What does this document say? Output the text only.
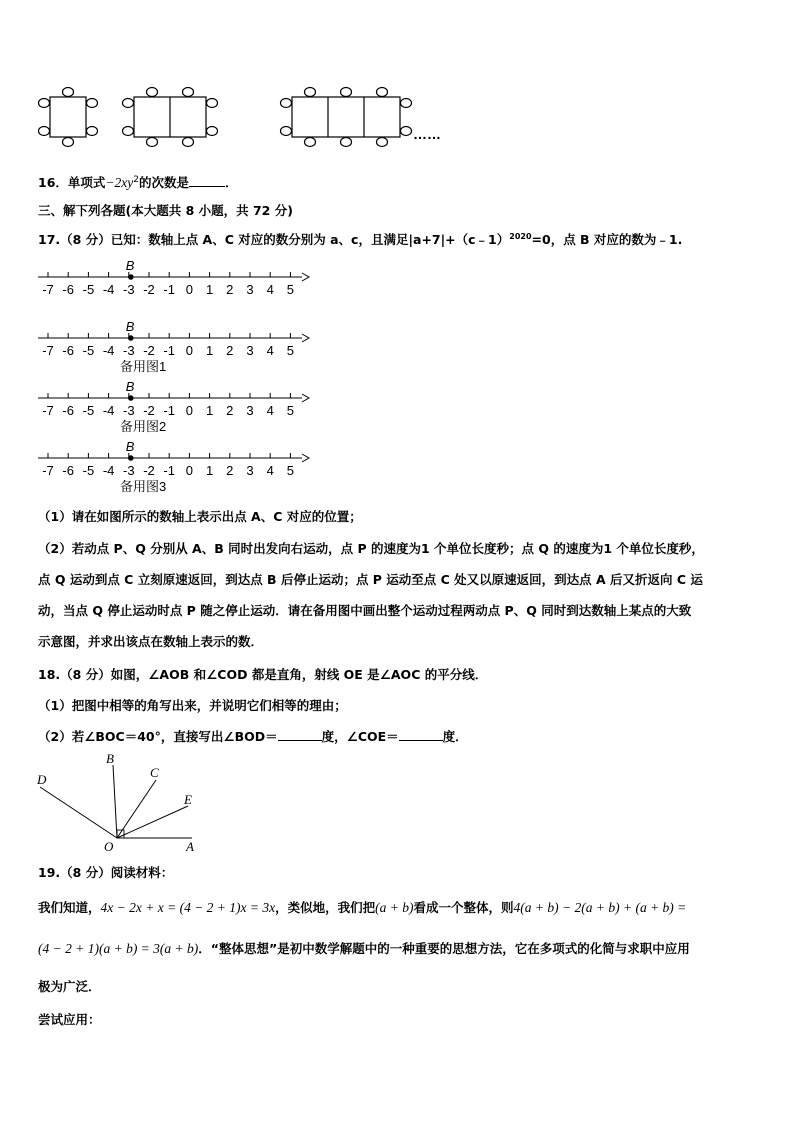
……
16．单项式$-2xy^2$的次数是	．
三、解下列各题(本大题共 8 小题，共 72 分)
17.（8 分）已知：数轴上点 A、C 对应的数分别为 a、c，且满足|a+7|+（c﹣1）$^{2020}$=0，点 B 对应的数为﹣1.
-7 -6 -5 -4 -3 -2 -1 0 1 2 3 4 5
B
-7 -6 -5 -4 -3 -2 -1 0 1 2 3 4 5
B
备用图1
-7 -6 -5 -4 -3 -2 -1 0 1 2 3 4 5
B
备用图2
-7 -6 -5 -4 -3 -2 -1 0 1 2 3 4 5
B
备用图3
（1）请在如图所示的数轴上表示出点 A、C 对应的位置；
（2）若动点 P、Q 分别从 A、B 同时出发向右运动，点 P 的速度为1 个单位长度秒；点 Q 的速度为1 个单位长度秒，
点 Q 运动到点 C 立刻原速返回，到达点 B 后停止运动；点 P 运动至点 C 处又以原速返回，到达点 A 后又折返向 C 运
动，当点 Q 停止运动时点 P 随之停止运动．请在备用图中画出整个运动过程两动点 P、Q 同时到达数轴上某点的大致
示意图，并求出该点在数轴上表示的数．
18.（8 分）如图，∠AOB 和∠COD 都是直角，射线 OE 是∠AOC 的平分线．
（1）把图中相等的角写出来，并说明它们相等的理由；
（2）若∠BOC＝40°，直接写出∠BOD＝	度，∠COE＝	度．
D
B
C
E
O	A
19.（8 分）阅读材料：
我们知道，4x − 2x + x = (4 − 2 + 1)x = 3x，类似地，我们把(a + b)看成一个整体，则4(a + b) − 2(a + b) + (a + b) =
(4 − 2 + 1)(a + b) = 3(a + b)．“整体思想”是初中数学解题中的一种重要的思想方法，它在多项式的化简与求职中应用
极为广泛．
尝试应用：
